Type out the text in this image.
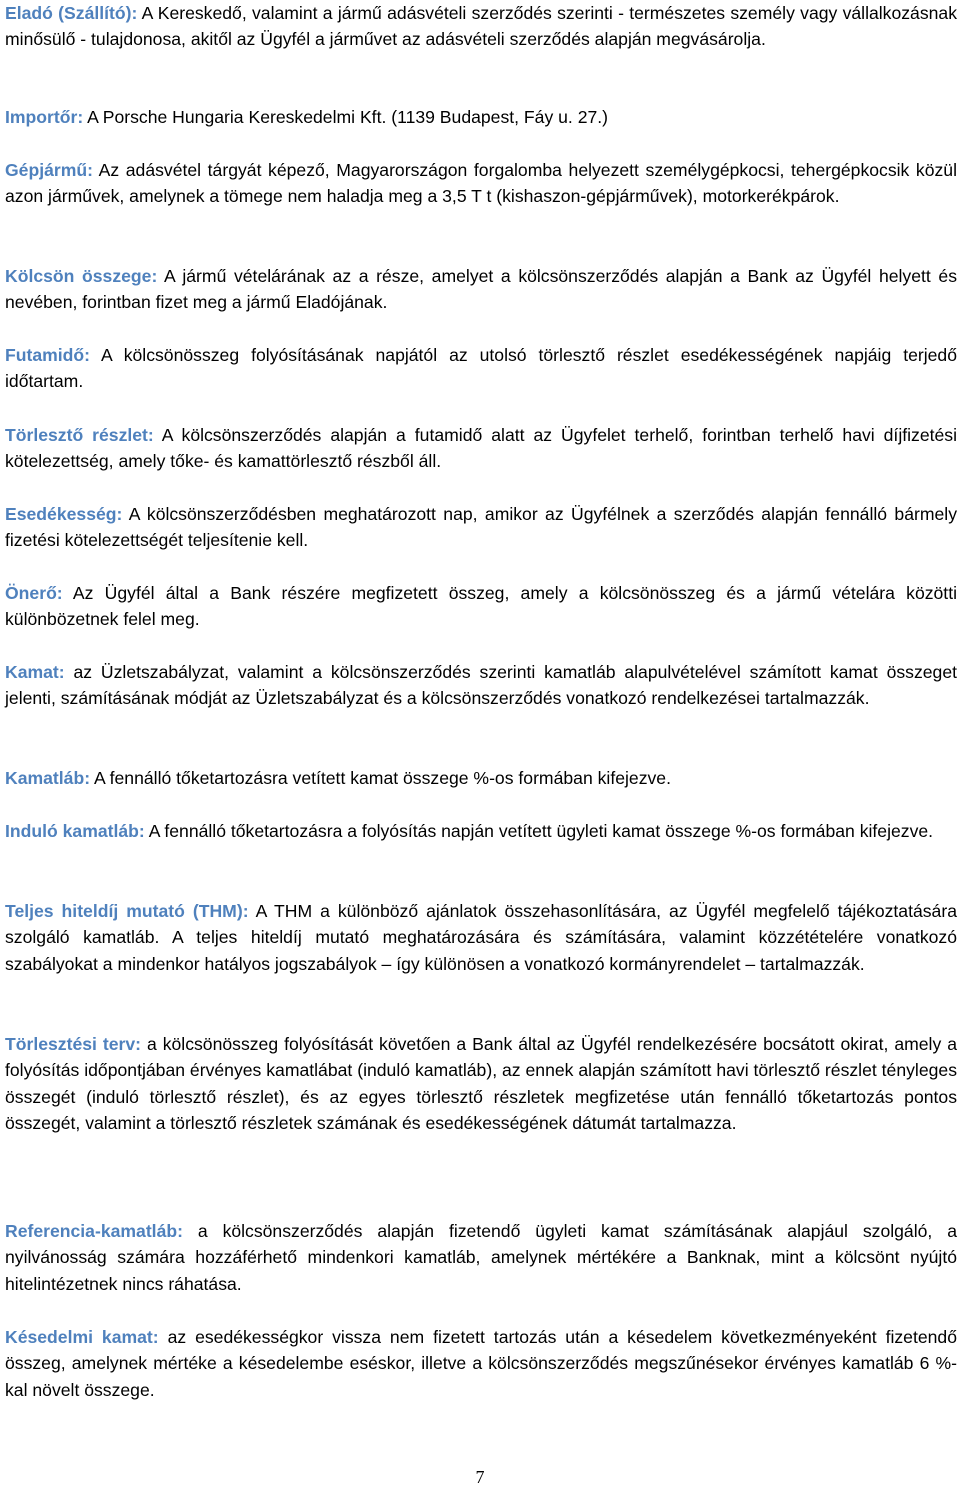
Eladó (Szállító): A Kereskedő, valamint a jármű adásvételi szerződés szerinti - természetes személy vagy vállalkozásnak minősülő - tulajdonosa, akitől az Ügyfél a járművet az adásvételi szerződés alapján megvásárolja.

Importőr: A Porsche Hungaria Kereskedelmi Kft. (1139 Budapest, Fáy u. 27.)

Gépjármű: Az adásvétel tárgyát képező, Magyarországon forgalomba helyezett személygépkocsi, tehergépkocsik közül azon járművek, amelynek a tömege nem haladja meg a 3,5 T t (kishaszon-gépjárművek), motorkerékpárok.

Kölcsön összege: A jármű vételárának az a része, amelyet a kölcsönszerződés alapján a Bank az Ügyfél helyett és nevében, forintban fizet meg a jármű Eladójának.

Futamidő: A kölcsönösszeg folyósításának napjától az utolsó törlesztő részlet esedékességének napjáig terjedő időtartam.

Törlesztő részlet: A kölcsönszerződés alapján a futamidő alatt az Ügyfelet terhelő, forintban terhelő havi díjfizetési kötelezettség, amely tőke- és kamattörlesztő részből áll.

Esedékesség: A kölcsönszerződésben meghatározott nap, amikor az Ügyfélnek a szerződés alapján fennálló bármely fizetési kötelezettségét teljesítenie kell.

Önerő: Az Ügyfél által a Bank részére megfizetett összeg, amely a kölcsönösszeg és a jármű vételára közötti különbözetnek felel meg.

Kamat: az Üzletszabályzat, valamint a kölcsönszerződés szerinti kamatláb alapulvételével számított kamat összeget jelenti, számításának módját az Üzletszabályzat és a kölcsönszerződés vonatkozó rendelkezései tartalmazzák.

Kamatláb: A fennálló tőketartozásra vetített kamat összege %-os formában kifejezve.

Induló kamatláb: A fennálló tőketartozásra a folyósítás napján vetített ügyleti kamat összege %-os formában kifejezve.

Teljes hiteldíj mutató (THM): A THM a különböző ajánlatok összehasonlítására, az Ügyfél megfelelő tájékoztatására szolgáló kamatláb. A teljes hiteldíj mutató meghatározására és számítására, valamint közzétételére vonatkozó szabályokat a mindenkor hatályos jogszabályok – így különösen a vonatkozó kormányrendelet – tartalmazzák.

Törlesztési terv: a kölcsönösszeg folyósítását követően a Bank által az Ügyfél rendelkezésére bocsátott okirat, amely a folyósítás időpontjában érvényes kamatlábat (induló kamatláb), az ennek alapján számított havi törlesztő részlet tényleges összegét (induló törlesztő részlet), és az egyes törlesztő részletek megfizetése után fennálló tőketartozás pontos összegét, valamint a törlesztő részletek számának és esedékességének dátumát tartalmazza.

Referencia-kamatláb: a kölcsönszerződés alapján fizetendő ügyleti kamat számításának alapjául szolgáló, a nyilvánosság számára hozzáférhető mindenkori kamatláb, amelynek mértékére a Banknak, mint a kölcsönt nyújtó hitelintézetnek nincs ráhatása.

Késedelmi kamat: az esedékességkor vissza nem fizetett tartozás után a késedelem következményeként fizetendő összeg, amelynek mértéke a késedelembe eséskor, illetve a kölcsönszerződés megszűnésekor érvényes kamatláb 6 %-kal növelt összege.

7
